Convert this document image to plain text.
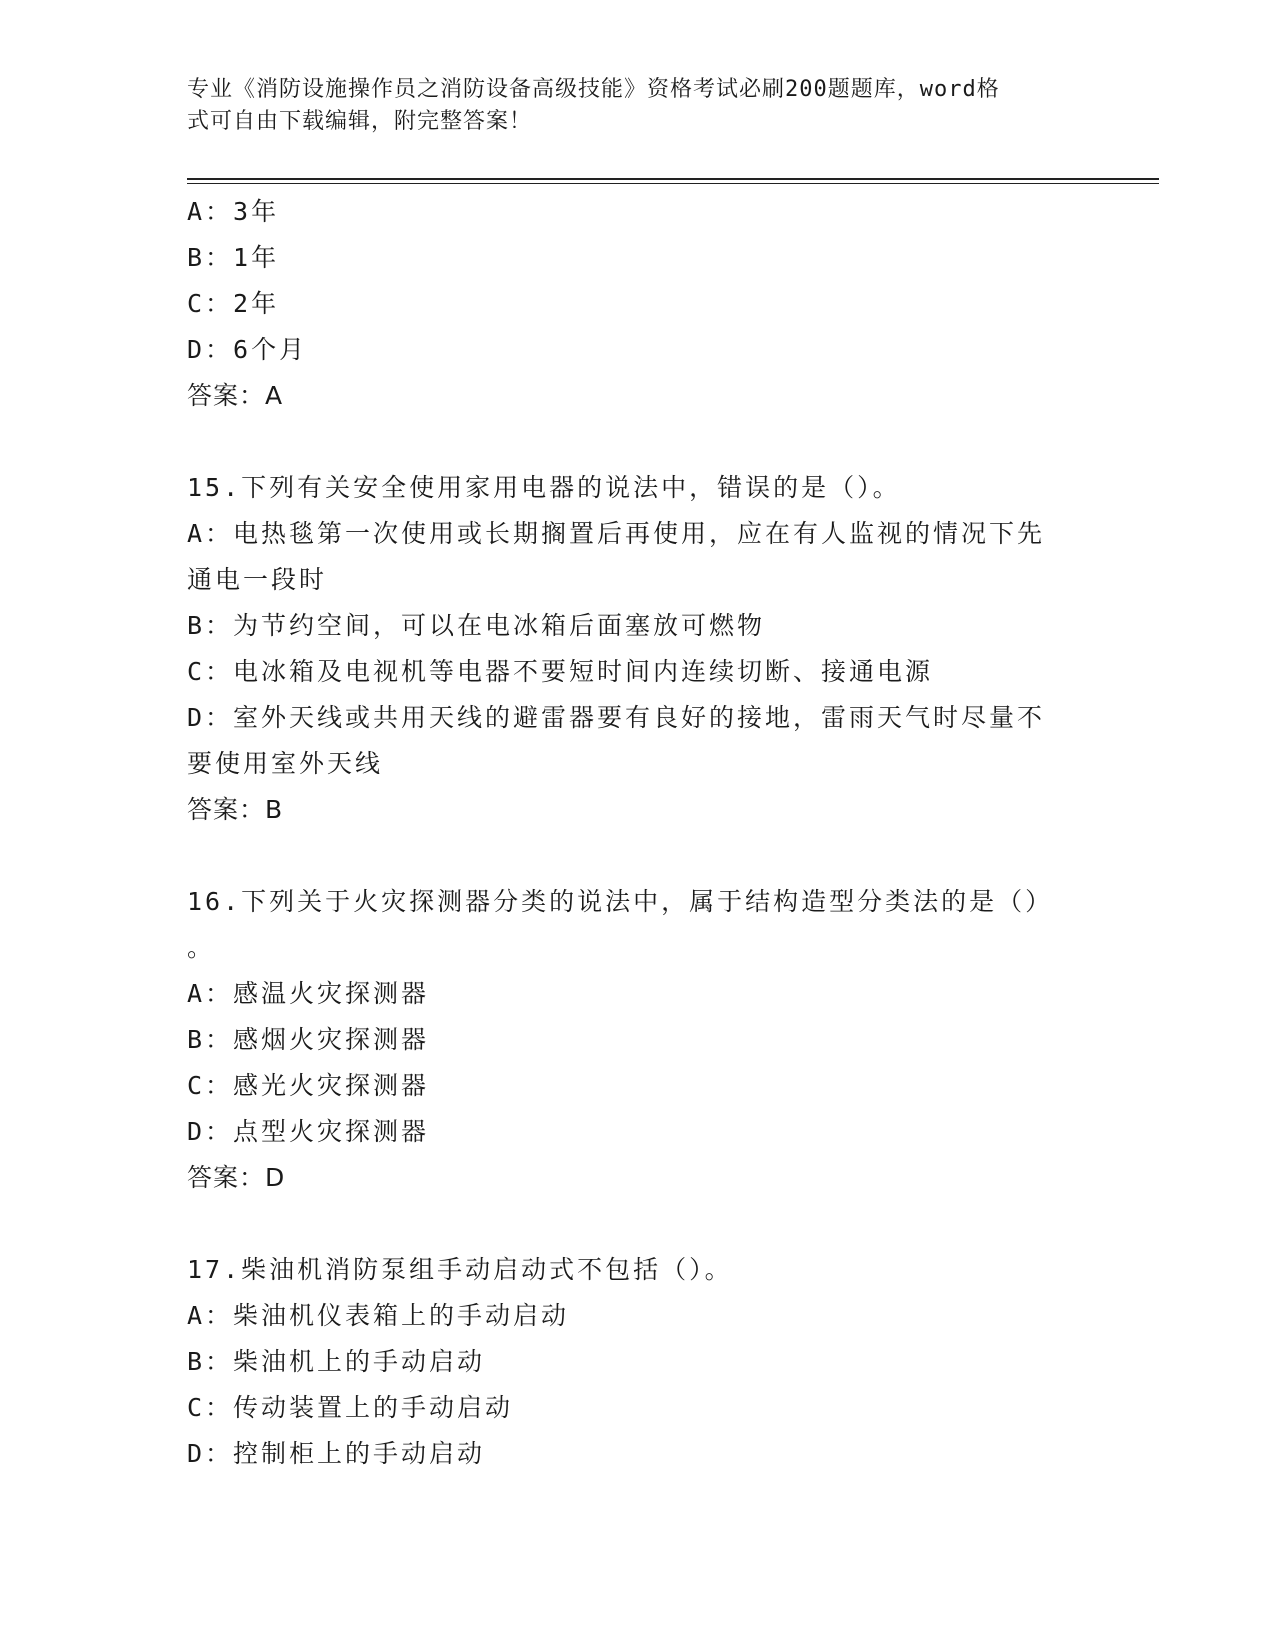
专业《消防设施操作员之消防设备高级技能》资格考试必刷200题题库，word格
式可自由下载编辑，附完整答案！
A：3年
B：1年
C：2年
D：6个月
答案：A
15.下列有关安全使用家用电器的说法中，错误的是（）。
A：电热毯第一次使用或长期搁置后再使用，应在有人监视的情况下先
通电一段时
B：为节约空间，可以在电冰箱后面塞放可燃物
C：电冰箱及电视机等电器不要短时间内连续切断、接通电源
D：室外天线或共用天线的避雷器要有良好的接地，雷雨天气时尽量不
要使用室外天线
答案：B
16.下列关于火灾探测器分类的说法中，属于结构造型分类法的是（）
。
A：感温火灾探测器
B：感烟火灾探测器
C：感光火灾探测器
D：点型火灾探测器
答案：D
17.柴油机消防泵组手动启动式不包括（）。
A：柴油机仪表箱上的手动启动
B：柴油机上的手动启动
C：传动装置上的手动启动
D：控制柜上的手动启动
